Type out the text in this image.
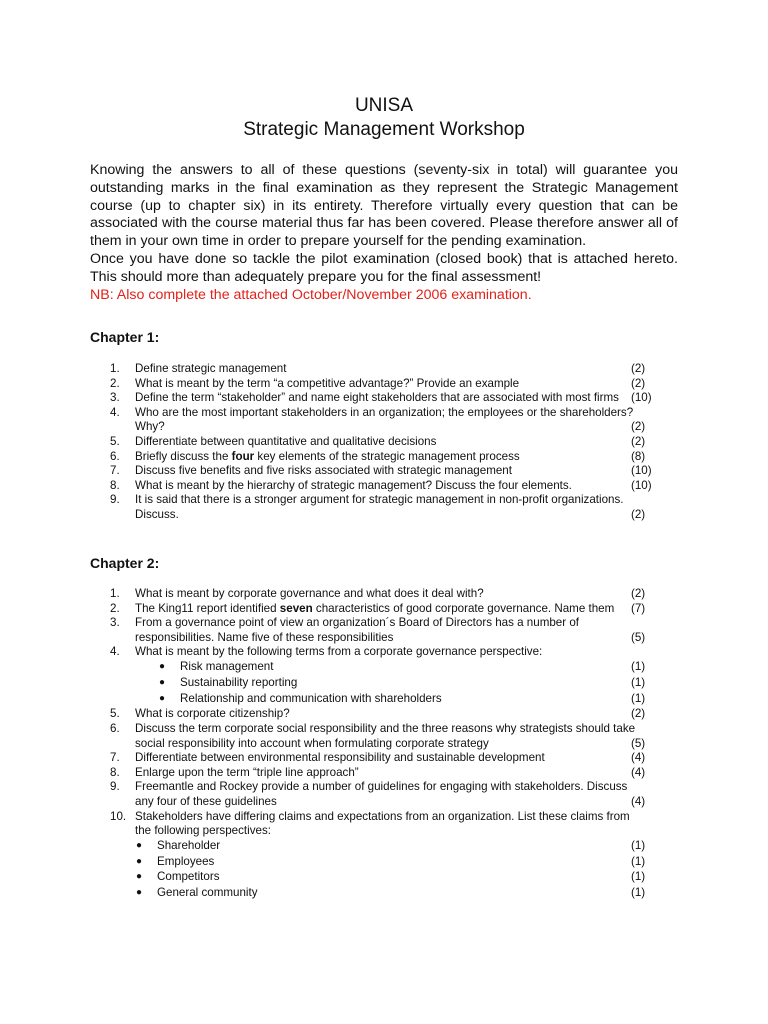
UNISA
Strategic Management Workshop

Knowing the answers to all of these questions (seventy-six in total) will guarantee you outstanding marks in the final examination as they represent the Strategic Management course (up to chapter six) in its entirety. Therefore virtually every question that can be associated with the course material thus far has been covered. Please therefore answer all of them in your own time in order to prepare yourself for the pending examination.

Once you have done so tackle the pilot examination (closed book) that is attached hereto. This should more than adequately prepare you for the final assessment!

NB: Also complete the attached October/November 2006 examination.

Chapter 1:
1. Define strategic management	(2)
2. What is meant by the term “a competitive advantage?” Provide an example	(2)
3. Define the term “stakeholder” and name eight stakeholders that are associated with most firms (10)
4. Who are the most important stakeholders in an organization; the employees or the shareholders? Why?	(2)
5. Differentiate between quantitative and qualitative decisions	(2)
6. Briefly discuss the four key elements of the strategic management process	(8)
7. Discuss five benefits and five risks associated with strategic management	(10)
8. What is meant by the hierarchy of strategic management? Discuss the four elements.	(10)
9. It is said that there is a stronger argument for strategic management in non-profit organizations. Discuss.	(2)
Chapter 2:
1. What is meant by corporate governance and what does it deal with?	(2)
2. The King11 report identified seven characteristics of good corporate governance. Name them (7)
3. From a governance point of view an organization´s Board of Directors has a number of responsibilities. Name five of these responsibilities	(5)
4. What is meant by the following terms from a corporate governance perspective:
● Risk management	(1)
● Sustainability reporting	(1)
● Relationship and communication with shareholders	(1)
5. What is corporate citizenship?	(2)
6. Discuss the term corporate social responsibility and the three reasons why strategists should take social responsibility into account when formulating corporate strategy	(5)
7. Differentiate between environmental responsibility and sustainable development	(4)
8. Enlarge upon the term “triple line approach”	(4)
9. Freemantle and Rockey provide a number of guidelines for engaging with stakeholders. Discuss any four of these guidelines	(4)
10. Stakeholders have differing claims and expectations from an organization. List these claims from the following perspectives:
● Shareholder	(1)
● Employees	(1)
● Competitors	(1)
● General community	(1)
